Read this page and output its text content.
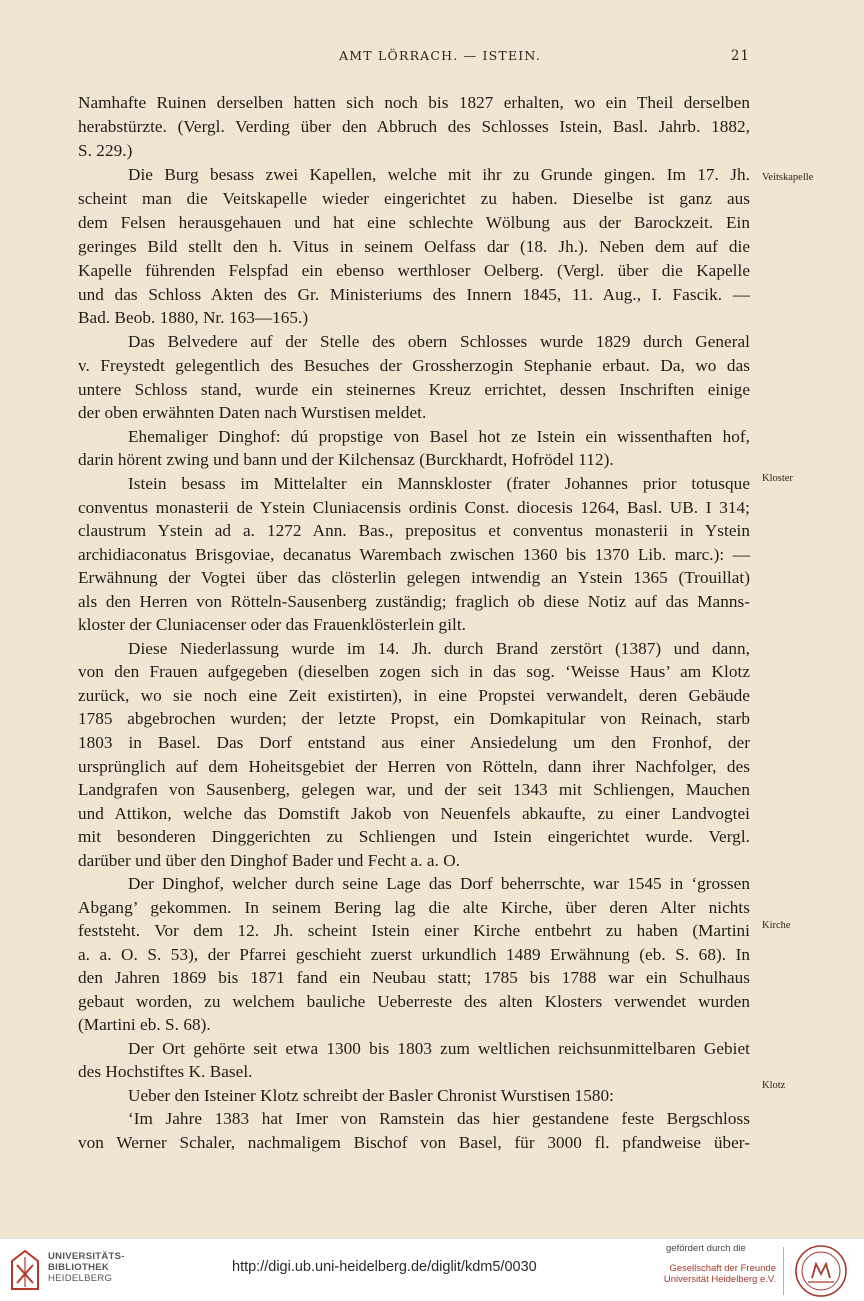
AMT LÖRRACH. — ISTEIN.	21
Namhafte Ruinen derselben hatten sich noch bis 1827 erhalten, wo ein Theil derselben
herabstürzte. (Vergl. Verding über den Abbruch des Schlosses Istein, Basl. Jahrb. 1882,
S. 229.)
Die Burg besass zwei Kapellen, welche mit ihr zu Grunde gingen. Im 17. Jh.
scheint man die Veitskapelle wieder eingerichtet zu haben. Dieselbe ist ganz aus
dem Felsen herausgehauen und hat eine schlechte Wölbung aus der Barockzeit. Ein
geringes Bild stellt den h. Vitus in seinem Oelfass dar (18. Jh.). Neben dem auf die
Kapelle führenden Felspfad ein ebenso werthloser Oelberg. (Vergl. über die Kapelle
und das Schloss Akten des Gr. Ministeriums des Innern 1845, 11. Aug., I. Fascik. —
Bad. Beob. 1880, Nr. 163—165.)
Das Belvedere auf der Stelle des obern Schlosses wurde 1829 durch General
v. Freystedt gelegentlich des Besuches der Grossherzogin Stephanie erbaut. Da, wo das
untere Schloss stand, wurde ein steinernes Kreuz errichtet, dessen Inschriften einige
der oben erwähnten Daten nach Wurstisen meldet.
Ehemaliger Dinghof: dú propstige von Basel hot ze Istein ein wissenthaften hof,
darin hörent zwing und bann und der Kilchensaz (Burckhardt, Hofrödel 112).
Istein besass im Mittelalter ein Mannskloster (frater Johannes prior totusque
conventus monasterii de Ystein Cluniacensis ordinis Const. diocesis 1264, Basl. UB. I 314;
claustrum Ystein ad a. 1272 Ann. Bas., prepositus et conventus monasterii in Ystein
archidiaconatus Brisgoviae, decanatus Warembach zwischen 1360 bis 1370 Lib. marc.): —
Erwähnung der Vogtei über das clösterlin gelegen intwendig an Ystein 1365 (Trouillat)
als den Herren von Rötteln-Sausenberg zuständig; fraglich ob diese Notiz auf das Manns-
kloster der Cluniacenser oder das Frauenklösterlein gilt.
Diese Niederlassung wurde im 14. Jh. durch Brand zerstört (1387) und dann,
von den Frauen aufgegeben (dieselben zogen sich in das sog. ‘Weisse Haus’ am Klotz
zurück, wo sie noch eine Zeit existirten), in eine Propstei verwandelt, deren Gebäude
1785 abgebrochen wurden; der letzte Propst, ein Domkapitular von Reinach, starb
1803 in Basel. Das Dorf entstand aus einer Ansiedelung um den Fronhof, der
ursprünglich auf dem Hoheitsgebiet der Herren von Rötteln, dann ihrer Nachfolger, des
Landgrafen von Sausenberg, gelegen war, und der seit 1343 mit Schliengen, Mauchen
und Attikon, welche das Domstift Jakob von Neuenfels abkaufte, zu einer Landvogtei
mit besonderen Dinggerichten zu Schliengen und Istein eingerichtet wurde. Vergl.
darüber und über den Dinghof Bader und Fecht a. a. O.
Der Dinghof, welcher durch seine Lage das Dorf beherrschte, war 1545 in ‘grossen
Abgang’ gekommen. In seinem Bering lag die alte Kirche, über deren Alter nichts
feststeht. Vor dem 12. Jh. scheint Istein einer Kirche entbehrt zu haben (Martini
a. a. O. S. 53), der Pfarrei geschieht zuerst urkundlich 1489 Erwähnung (eb. S. 68). In
den Jahren 1869 bis 1871 fand ein Neubau statt; 1785 bis 1788 war ein Schulhaus
gebaut worden, zu welchem bauliche Ueberreste des alten Klosters verwendet wurden
(Martini eb. S. 68).
Der Ort gehörte seit etwa 1300 bis 1803 zum weltlichen reichsunmittelbaren Gebiet
des Hochstiftes K. Basel.
Ueber den Isteiner Klotz schreibt der Basler Chronist Wurstisen 1580:
‘Im Jahre 1383 hat Imer von Ramstein das hier gestandene feste Bergschloss
von Werner Schaler, nachmaligem Bischof von Basel, für 3000 fl. pfandweise über-
Veitskapelle
Kloster
Kirche
Klotz
UNIVERSITÄTS-
BIBLIOTHEK
HEIDELBERG
http://digi.ub.uni-heidelberg.de/diglit/kdm5/0030
gefördert durch die
Gesellschaft der Freunde
Universität Heidelberg e.V.
